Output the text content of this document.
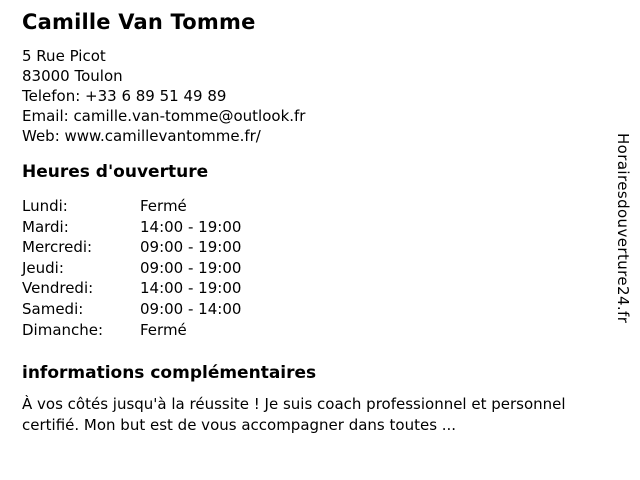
Camille Van Tomme
5 Rue Picot
83000 Toulon
Telefon: +33 6 89 51 49 89
Email: camille.van-tomme@outlook.fr
Web: www.camillevantomme.fr/
Heures d'ouverture
Lundi:	Fermé
Mardi:	14:00 - 19:00
Mercredi:	09:00 - 19:00
Jeudi:	09:00 - 19:00
Vendredi:	14:00 - 19:00
Samedi:	09:00 - 14:00
Dimanche:	Fermé
informations complémentaires
À vos côtés jusqu'à la réussite ! Je suis coach professionnel et personnel certifié. Mon but est de vous accompagner dans toutes ...
Horairesdouverture24.fr
